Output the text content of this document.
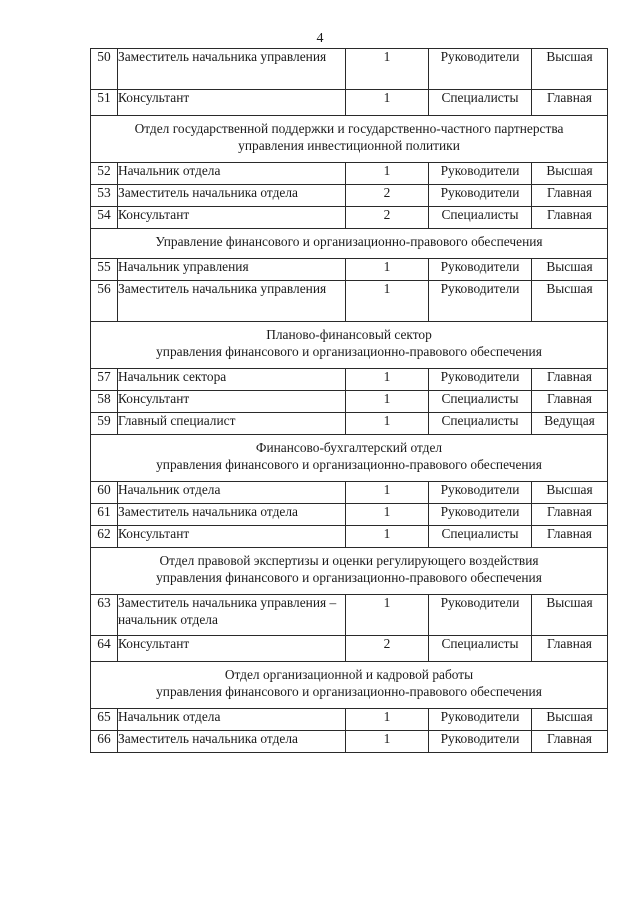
4
50	Заместитель начальника управления	1	Руководители	Высшая
51	Консультант	1	Специалисты	Главная

Отдел государственной поддержки и государственно-частного партнерства
управления инвестиционной политики				

52	Начальник отдела	1	Руководители	Высшая
53	Заместитель начальника отдела	2	Руководители	Главная
54	Консультант	2	Специалисты	Главная

Управление финансового и организационно-правового обеспечения				

55	Начальник управления	1	Руководители	Высшая
56	Заместитель начальника управления	1	Руководители	Высшая

Планово-финансовый сектор
управления финансового и организационно-правового обеспечения				

57	Начальник сектора	1	Руководители	Главная
58	Консультант	1	Специалисты	Главная
59	Главный специалист	1	Специалисты	Ведущая

Финансово-бухгалтерский отдел
управления финансового и организационно-правового обеспечения				

60	Начальник отдела	1	Руководители	Высшая
61	Заместитель начальника отдела	1	Руководители	Главная
62	Консультант	1	Специалисты	Главная

Отдел правовой экспертизы и оценки регулирующего воздействия
управления финансового и организационно-правового обеспечения				

63	Заместитель начальника управления – начальник отдела	1	Руководители	Высшая
64	Консультант	2	Специалисты	Главная

Отдел организационной и кадровой работы
управления финансового и организационно-правового обеспечения				

65	Начальник отдела	1	Руководители	Высшая
66	Заместитель начальника отдела	1	Руководители	Главная
